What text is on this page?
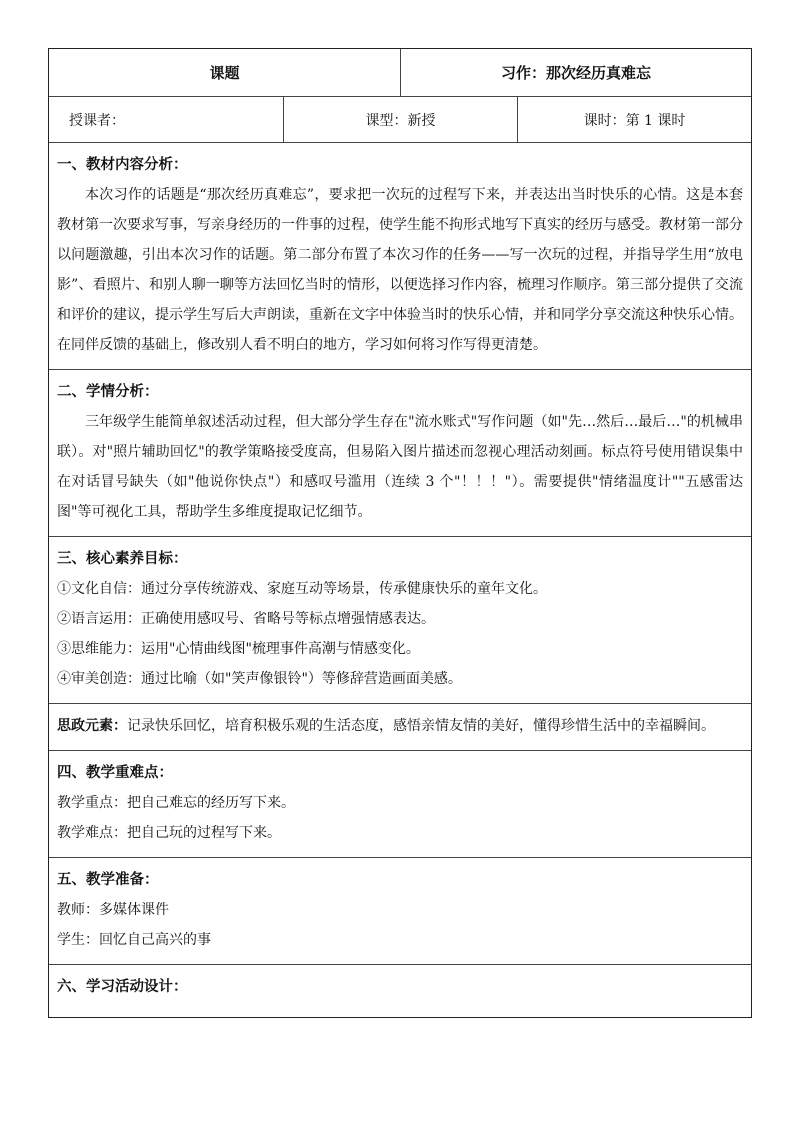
课题	习作：那次经历真难忘
授课者：	课型：新授	课时：第 1 课时
一、教材内容分析：

本次习作的话题是“那次经历真难忘”，要求把一次玩的过程写下来，并表达出当时快乐的心情。这是本套教材第一次要求写事，写亲身经历的一件事的过程，使学生能不拘形式地写下真实的经历与感受。教材第一部分以问题激趣，引出本次习作的话题。第二部分布置了本次习作的任务——写一次玩的过程，并指导学生用“放电影”、看照片、和别人聊一聊等方法回忆当时的情形，以便选择习作内容，梳理习作顺序。第三部分提供了交流和评价的建议，提示学生写后大声朗读，重新在文字中体验当时的快乐心情，并和同学分享交流这种快乐心情。在同伴反馈的基础上，修改别人看不明白的地方，学习如何将习作写得更清楚。

二、学情分析：

三年级学生能简单叙述活动过程，但大部分学生存在"流水账式"写作问题（如"先…然后…最后…"的机械串联）。对"照片辅助回忆"的教学策略接受度高，但易陷入图片描述而忽视心理活动刻画。标点符号使用错误集中在对话冒号缺失（如"他说你快点"）和感叹号滥用（连续 3 个"！！！"）。需要提供"情绪温度计""五感雷达图"等可视化工具，帮助学生多维度提取记忆细节。

三、核心素养目标：

①文化自信：通过分享传统游戏、家庭互动等场景，传承健康快乐的童年文化。

②语言运用：正确使用感叹号、省略号等标点增强情感表达。

③思维能力：运用"心情曲线图"梳理事件高潮与情感变化。

④审美创造：通过比喻（如"笑声像银铃"）等修辞营造画面美感。

思政元素：记录快乐回忆，培育积极乐观的生活态度，感悟亲情友情的美好，懂得珍惜生活中的幸福瞬间。

四、教学重难点：

教学重点：把自己难忘的经历写下来。

教学难点：把自己玩的过程写下来。

五、教学准备：

教师：多媒体课件

学生：回忆自己高兴的事

六、学习活动设计：
